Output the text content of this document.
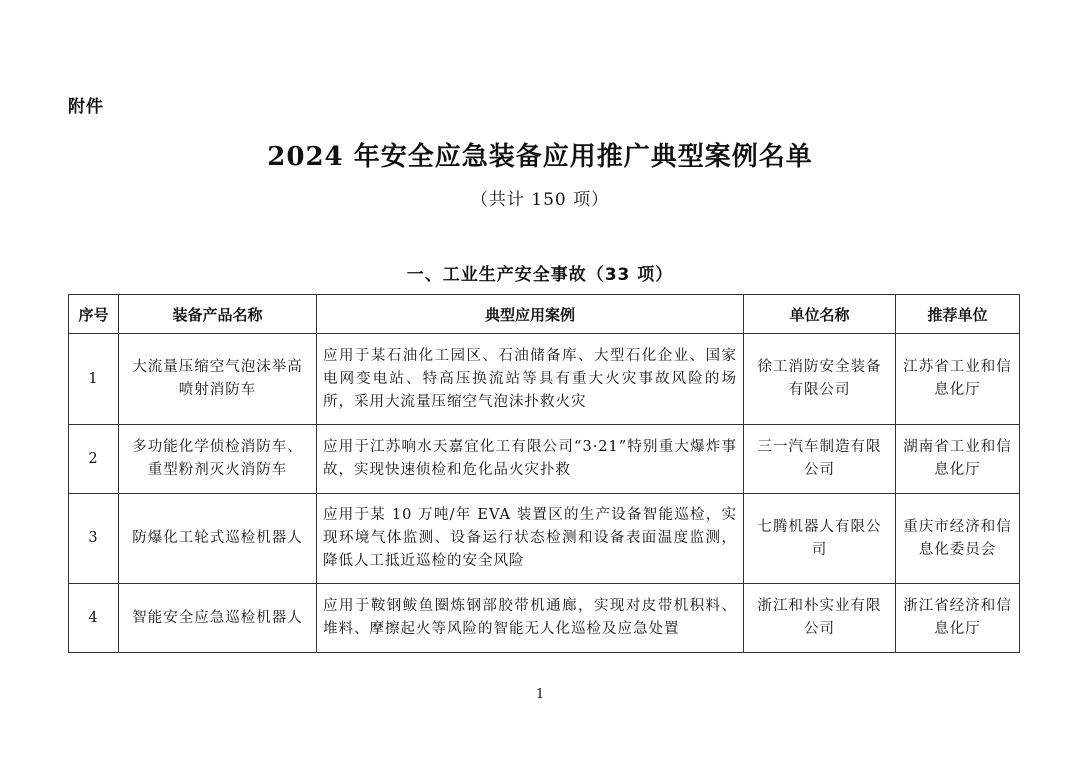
附件
2024 年安全应急装备应用推广典型案例名单
（共计 150 项）
一、工业生产安全事故（33 项）
序号	装备产品名称	典型应用案例	单位名称	推荐单位
1	大流量压缩空气泡沫举高喷射消防车	应用于某石油化工园区、石油储备库、大型石化企业、国家电网变电站、特高压换流站等具有重大火灾事故风险的场所，采用大流量压缩空气泡沫扑救火灾	徐工消防安全装备有限公司	江苏省工业和信息化厅
2	多功能化学侦检消防车、重型粉剂灭火消防车	应用于江苏响水天嘉宜化工有限公司“3·21”特别重大爆炸事故，实现快速侦检和危化品火灾扑救	三一汽车制造有限公司	湖南省工业和信息化厅
3	防爆化工轮式巡检机器人	应用于某 10 万吨/年 EVA 装置区的生产设备智能巡检，实现环境气体监测、设备运行状态检测和设备表面温度监测，降低人工抵近巡检的安全风险	七腾机器人有限公司	重庆市经济和信息化委员会
4	智能安全应急巡检机器人	应用于鞍钢鲅鱼圈炼钢部胶带机通廊，实现对皮带机积料、堆料、摩擦起火等风险的智能无人化巡检及应急处置	浙江和朴实业有限公司	浙江省经济和信息化厅
1
